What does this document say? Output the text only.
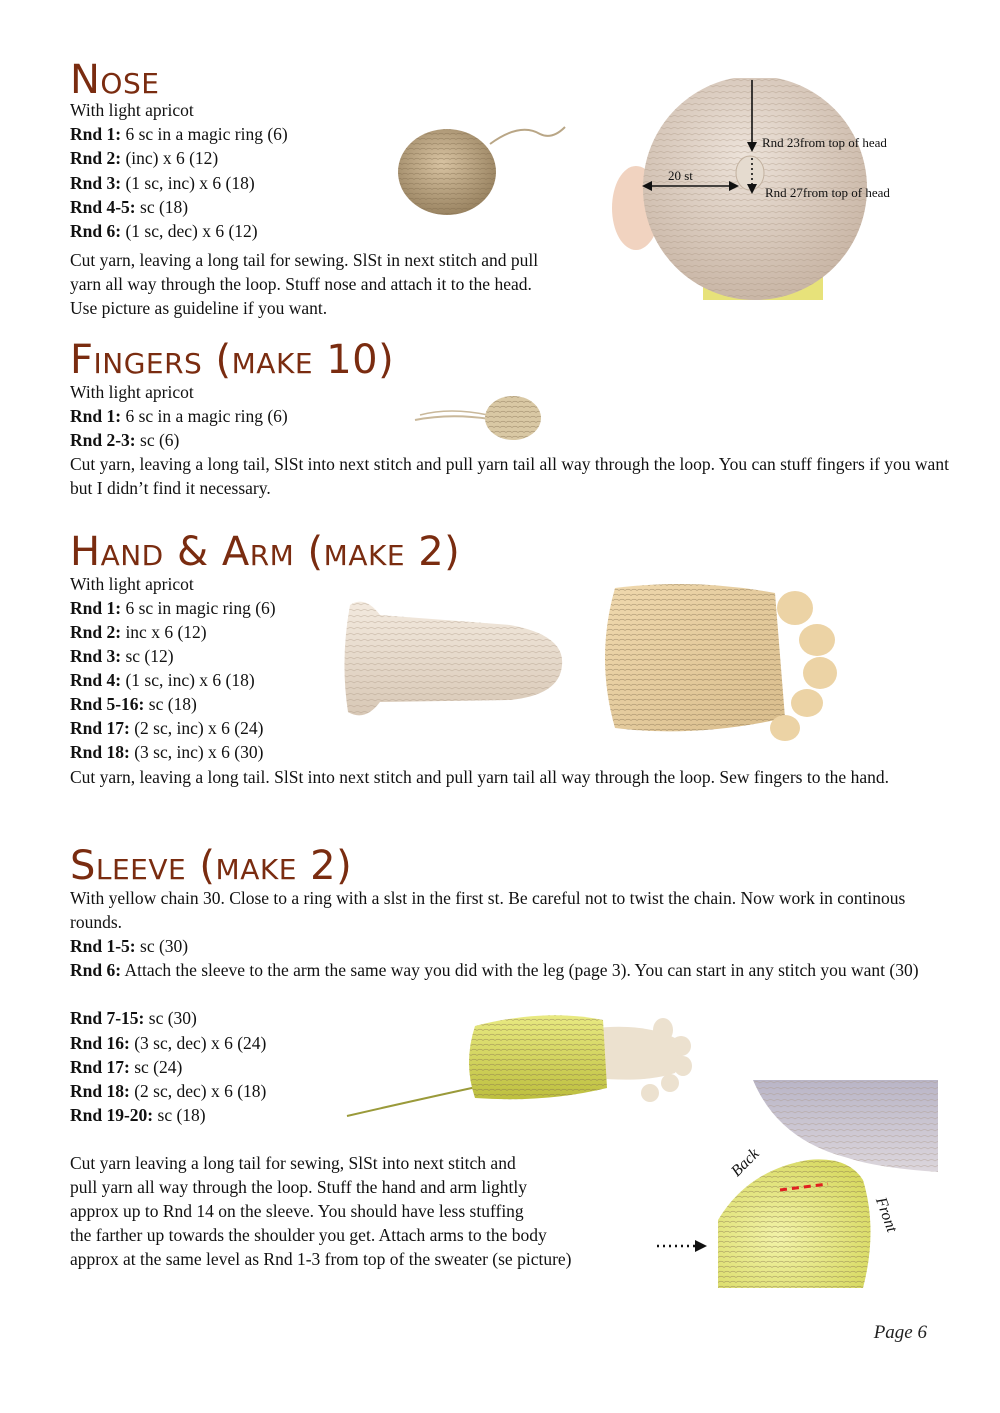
Nose
With light apricot
Rnd 1: 6 sc in a magic ring (6)
Rnd 2: (inc) x 6 (12)
Rnd 3: (1 sc, inc) x 6 (18)
Rnd 4-5: sc (18)
Rnd 6: (1 sc, dec) x 6 (12)
Cut yarn, leaving a long tail for sewing. SlSt in next stitch and pull yarn all way through the loop. Stuff nose and attach it to the head. Use picture as guideline if you want.
Rnd 23from top of head
Rnd 27from top of head
20 st
Fingers (make 10)
With light apricot
Rnd 1: 6 sc in a magic ring (6)
Rnd 2-3: sc (6)
Cut yarn, leaving a long tail, SlSt into next stitch and pull yarn tail all way through the loop. You can stuff fingers if you want but I didn’t find it necessary.
Hand & Arm (make 2)
With light apricot
Rnd 1: 6 sc in magic ring (6)
Rnd 2: inc x 6 (12)
Rnd 3: sc (12)
Rnd 4: (1 sc, inc) x 6 (18)
Rnd 5-16: sc (18)
Rnd 17: (2 sc, inc) x 6 (24)
Rnd 18: (3 sc, inc) x 6 (30)
Cut yarn, leaving a long tail. SlSt into next stitch and pull yarn tail all way through the loop. Sew fingers to the hand.
Sleeve (make 2)
With yellow chain 30. Close to a ring with a slst in the first st. Be careful not to twist the chain. Now work in continous rounds.
Rnd 1-5: sc (30)
Rnd 6: Attach the sleeve to the arm the same way you did with the leg (page 3). You can start in any stitch you want (30)
Rnd 7-15: sc (30)
Rnd 16: (3 sc, dec) x 6 (24)
Rnd 17: sc (24)
Rnd 18: (2 sc, dec) x 6 (18)
Rnd 19-20: sc (18)
Cut yarn leaving a long tail for sewing, SlSt into next stitch and
pull yarn all way through the loop. Stuff the hand and arm lightly
approx up to Rnd 14 on the sleeve. You should have less stuffing
the farther up towards the shoulder you get. Attach arms to the body
approx at the same level as Rnd 1-3 from top of the sweater (se picture)
Back
Front
Page 6
